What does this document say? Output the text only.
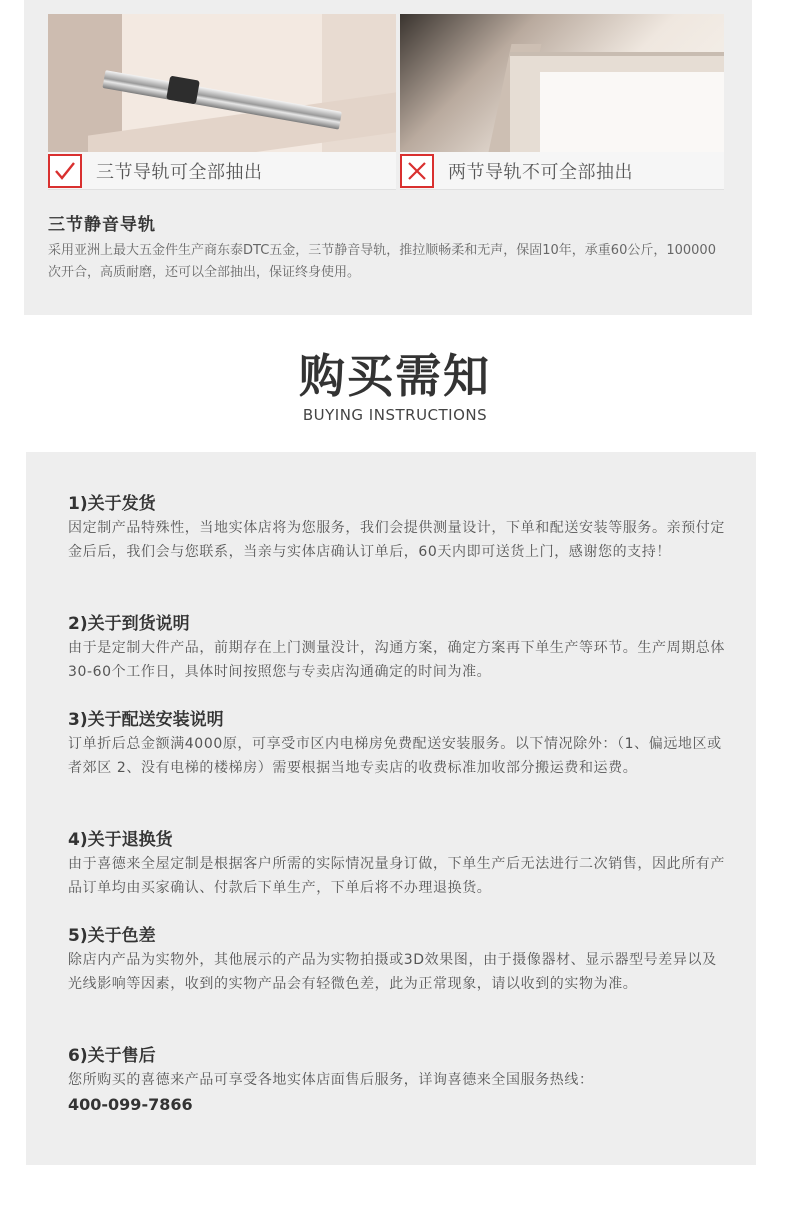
三节导轨可全部抽出	两节导轨不可全部抽出
三节静音导轨
采用亚洲上最大五金件生产商东泰DTC五金，三节静音导轨，推拉顺畅柔和无声，保固10年，承重60公斤，100000次开合，高质耐磨，还可以全部抽出，保证终身使用。
购买需知
BUYING INSTRUCTIONS
1)关于发货
因定制产品特殊性，当地实体店将为您服务，我们会提供测量设计，下单和配送安装等服务。亲预付定金后后，我们会与您联系，当亲与实体店确认订单后，60天内即可送货上门，感谢您的支持！
2)关于到货说明
由于是定制大件产品，前期存在上门测量没计，沟通方案，确定方案再下单生产等环节。生产周期总体30-60个工作日，具体时间按照您与专卖店沟通确定的时间为准。
3)关于配送安装说明
订单折后总金额满4000原，可享受市区内电梯房免费配送安装服务。以下情况除外：（1、偏远地区或者郊区 2、没有电梯的楼梯房）需要根据当地专卖店的收费标准加收部分搬运费和运费。
4)关于退换货
由于喜德来全屋定制是根据客户所需的实际情况量身订做，下单生产后无法进行二次销售，因此所有产品订单均由买家确认、付款后下单生产，下单后将不办理退换货。
5)关于色差
除店内产品为实物外，其他展示的产品为实物拍摄或3D效果图，由于摄像器材、显示器型号差异以及光线影响等因素，收到的实物产品会有轻微色差，此为正常现象，请以收到的实物为准。
6)关于售后
您所购买的喜德来产品可享受各地实体店面售后服务，详询喜德来全国服务热线：
400-099-7866
